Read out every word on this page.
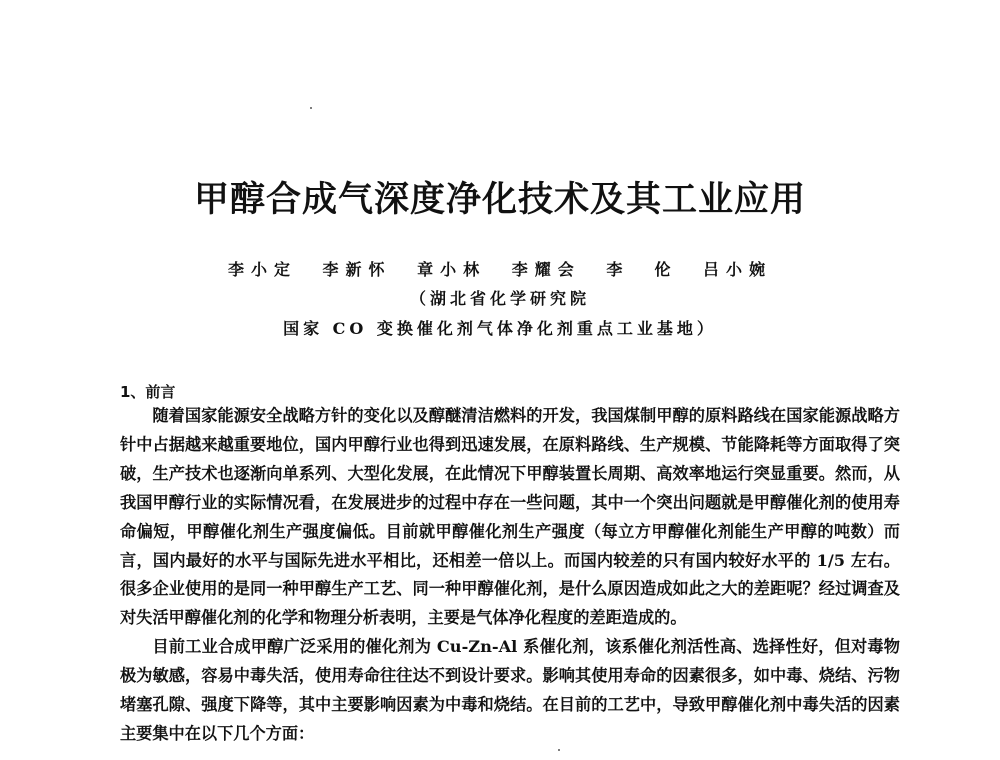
甲醇合成气深度净化技术及其工业应用
李小定 李新怀 章小林 李耀会 李  伦 吕小婉
（湖北省化学研究院
国家 CO 变换催化剂气体净化剂重点工业基地）
1、前言

随着国家能源安全战略方针的变化以及醇醚清洁燃料的开发，我国煤制甲醇的原料路线在国家能源战略方针中占据越来越重要地位，国内甲醇行业也得到迅速发展，在原料路线、生产规模、节能降耗等方面取得了突破，生产技术也逐渐向单系列、大型化发展，在此情况下甲醇装置长周期、高效率地运行突显重要。然而，从我国甲醇行业的实际情况看，在发展进步的过程中存在一些问题，其中一个突出问题就是甲醇催化剂的使用寿命偏短，甲醇催化剂生产强度偏低。目前就甲醇催化剂生产强度（每立方甲醇催化剂能生产甲醇的吨数）而言，国内最好的水平与国际先进水平相比，还相差一倍以上。而国内较差的只有国内较好水平的 1/5 左右。很多企业使用的是同一种甲醇生产工艺、同一种甲醇催化剂，是什么原因造成如此之大的差距呢？经过调查及对失活甲醇催化剂的化学和物理分析表明，主要是气体净化程度的差距造成的。

目前工业合成甲醇广泛采用的催化剂为 Cu-Zn-Al 系催化剂，该系催化剂活性高、选择性好，但对毒物极为敏感，容易中毒失活，使用寿命往往达不到设计要求。影响其使用寿命的因素很多，如中毒、烧结、污物堵塞孔隙、强度下降等，其中主要影响因素为中毒和烧结。在目前的工艺中，导致甲醇催化剂中毒失活的因素主要集中在以下几个方面：
